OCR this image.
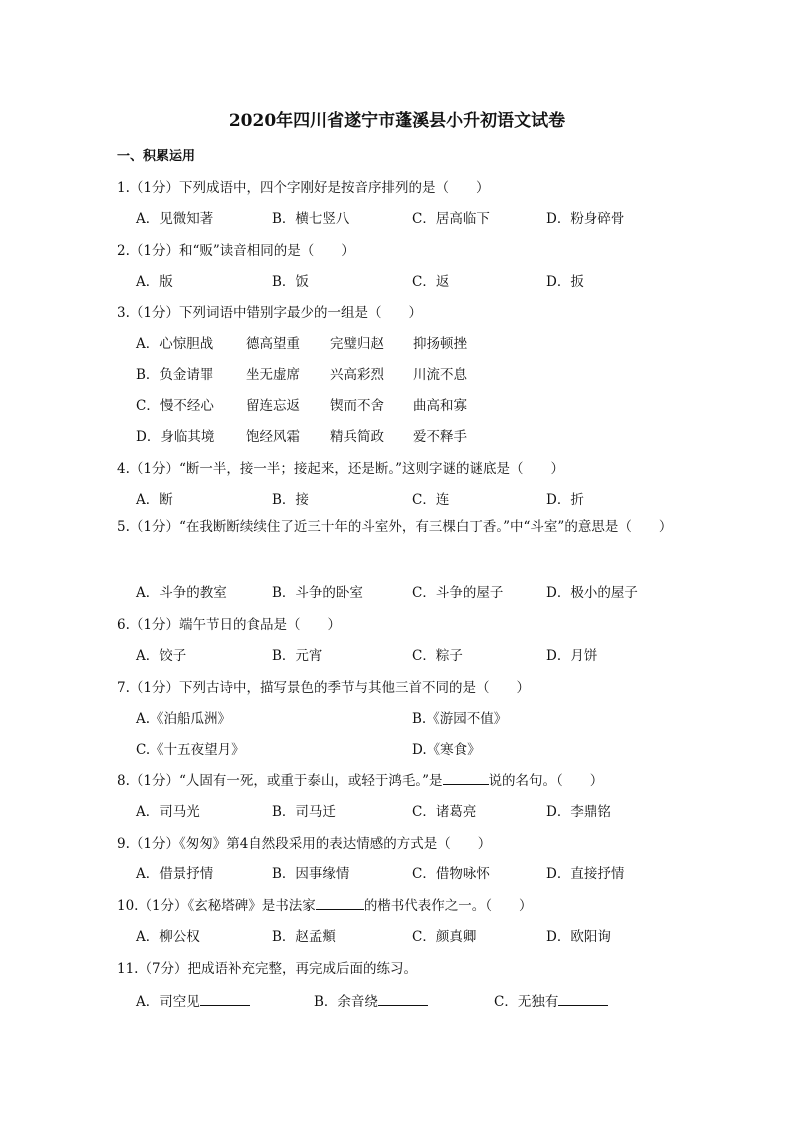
2020年四川省遂宁市蓬溪县小升初语文试卷
一、积累运用
1.（1分）下列成语中，四个字刚好是按音序排列的是（　　）
A．见微知著	B．横七竖八	C．居高临下	D．粉身碎骨
2.（1分）和“贩”读音相同的是（　　）
A．版	B．饭	C．返	D．扳
3.（1分）下列词语中错别字最少的一组是（　　）
A．心惊胆战 德高望重 完璧归赵 抑扬顿挫
B．负金请罪 坐无虚席 兴高彩烈 川流不息
C．慢不经心 留连忘返 锲而不舍 曲高和寡
D．身临其境 饱经风霜 精兵简政 爱不释手
4.（1分）“断一半，接一半；接起来，还是断。”这则字谜的谜底是（　　）
A．断	B．接	C．连	D．折
5.（1分）“在我断断续续住了近三十年的斗室外，有三棵白丁香。”中“斗室”的意思是（　　）
A．斗争的教室	B．斗争的卧室	C．斗争的屋子	D．极小的屋子
6.（1分）端午节日的食品是（　　）
A．饺子	B．元宵	C．粽子	D．月饼
7.（1分）下列古诗中，描写景色的季节与其他三首不同的是（　　）
A.《泊船瓜洲》	B.《游园不值》
C.《十五夜望月》	D.《寒食》
8.（1分）“人固有一死，或重于泰山，或轻于鸿毛。”是	说的名句。（　　）
A．司马光	B．司马迁	C．诸葛亮	D．李鼎铭
9.（1分）《匆匆》第4自然段采用的表达情感的方式是（　　）
A．借景抒情	B．因事缘情	C．借物咏怀	D．直接抒情
10.（1分）《玄秘塔碑》是书法家	的楷书代表作之一。（　　）
A．柳公权	B．赵孟頫	C．颜真卿	D．欧阳询
11.（7分）把成语补充完整，再完成后面的练习。
A．司空见	B．余音绕	C．无独有
